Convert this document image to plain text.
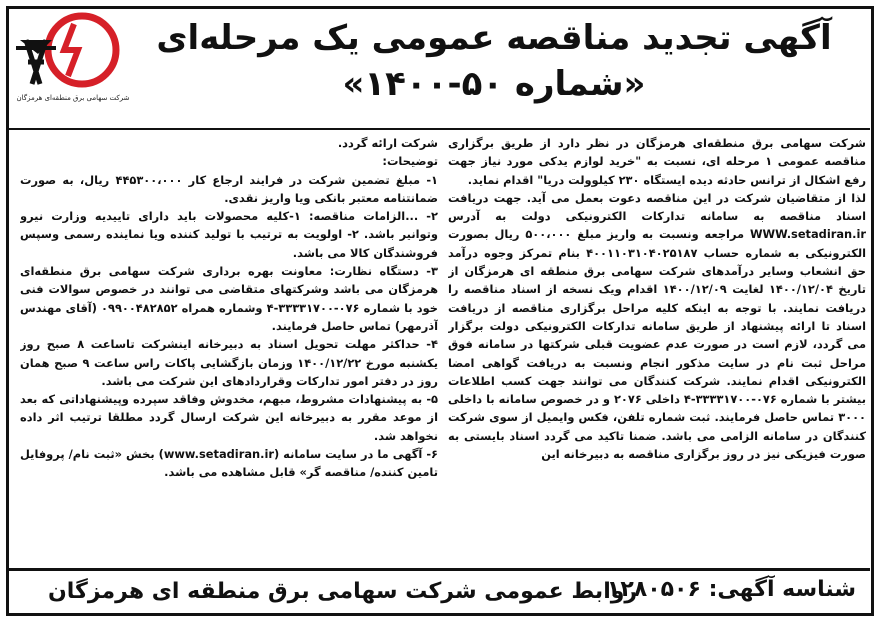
شرکت سهامی برق منطقه‌ای هرمزگان
آگهی تجدید مناقصه عمومی یک مرحله‌ای
«شماره ۵۰-۱۴۰۰»

شرکت سهامی برق منطقه‌ای هرمزگان در نظر دارد از طریق برگزاری مناقصه عمومی ۱ مرحله ای، نسبت به "خرید لوازم یدکی مورد نیاز جهت رفع اشکال از ترانس حادثه دیده ایستگاه ۲۳۰ کیلوولت دریا" اقدام نماید.

لذا از متقاضیان شرکت در این مناقصه دعوت بعمل می آید. جهت دریافت اسناد مناقصه به سامانه تدارکات الکترونیکی دولت به آدرس WWW.setadiran.ir مراجعه ونسبت به واریز مبلغ ۵۰۰،۰۰۰ ریال بصورت الکترونیکی به شماره حساب ۴۰۰۱۱۰۳۱۰۴۰۲۵۱۸۷ بنام تمرکز وجوه درآمد حق انشعاب وسایر درآمدهای شرکت سهامی برق منطقه ای هرمزگان از تاریخ ۱۴۰۰/۱۲/۰۴ لغایت ۱۴۰۰/۱۲/۰۹ اقدام ویک نسخه از اسناد مناقصه را دریافت نمایند. با توجه به اینکه کلیه مراحل برگزاری مناقصه از دریافت اسناد تا ارائه پیشنهاد از طریق سامانه تدارکات الکترونیکی دولت برگزار می گردد، لازم است در صورت عدم عضویت قبلی شرکتها در سامانه فوق مراحل ثبت نام در سایت مذکور انجام ونسبت به دریافت گواهی امضا الکترونیکی اقدام نمایند. شرکت کنندگان می توانند جهت کسب اطلاعات بیشتر با شماره ۰۷۶-۳۳۳۳۱۷۰۰-۴ داخلی ۲۰۷۶ و در خصوص سامانه با داخلی ۳۰۰۰ تماس حاصل فرمایند. ثبت شماره تلفن، فکس وایمیل از سوی شرکت کنندگان در سامانه الزامی می باشد. ضمنا تاکید می گردد اسناد بایستی به صورت فیزیکی نیز در روز برگزاری مناقصه به دبیرخانه این

شرکت ارائه گردد.

توضیحات:

۱- مبلغ تضمین شرکت در فرایند ارجاع کار ۴۴۵۳۰۰،۰۰۰ ریال، به صورت ضمانتنامه معتبر بانکی ویا واریز نقدی.

۲- ...الزامات مناقصه: ۱-کلیه محصولات باید دارای تاییدیه وزارت نیرو وتوانیر باشد. ۲- اولویت به ترتیب با تولید کننده ویا نماینده رسمی وسپس فروشندگان کالا می باشد.

۳- دستگاه نظارت: معاونت بهره برداری شرکت سهامی برق منطقه‌ای هرمزگان می باشد وشرکتهای متقاضی می توانند در خصوص سوالات فنی خود با شماره ۰۷۶-۳۳۳۳۱۷۰۰-۴ وشماره همراه ۰۹۹۰۰۴۸۲۸۵۲ (آقای مهندس آذرمهر) تماس حاصل فرمایند.

۴- حداکثر مهلت تحویل اسناد به دبیرخانه اینشرکت تاساعت ۸ صبح روز یکشنبه مورخ ۱۴۰۰/۱۲/۲۲ وزمان بازگشایی پاکات راس ساعت ۹ صبح همان روز در دفتر امور تدارکات وقراردادهای این شرکت می باشد.

۵- به پیشنهادات مشروط، مبهم، مخدوش وفاقد سپرده وپیشنهاداتی که بعد از موعد مقرر به دبیرخانه این شرکت ارسال گردد مطلقا ترتیب اثر داده نخواهد شد.

۶- آگهی ما در سایت سامانه (www.setadiran.ir) بخش «ثبت نام/ پروفایل تامین کننده/ مناقصه گر» قابل مشاهده می باشد.

شناسه آگهی: ۱۲۸۰۵۰۶
روابط عمومی شرکت سهامی برق منطقه ای هرمزگان
